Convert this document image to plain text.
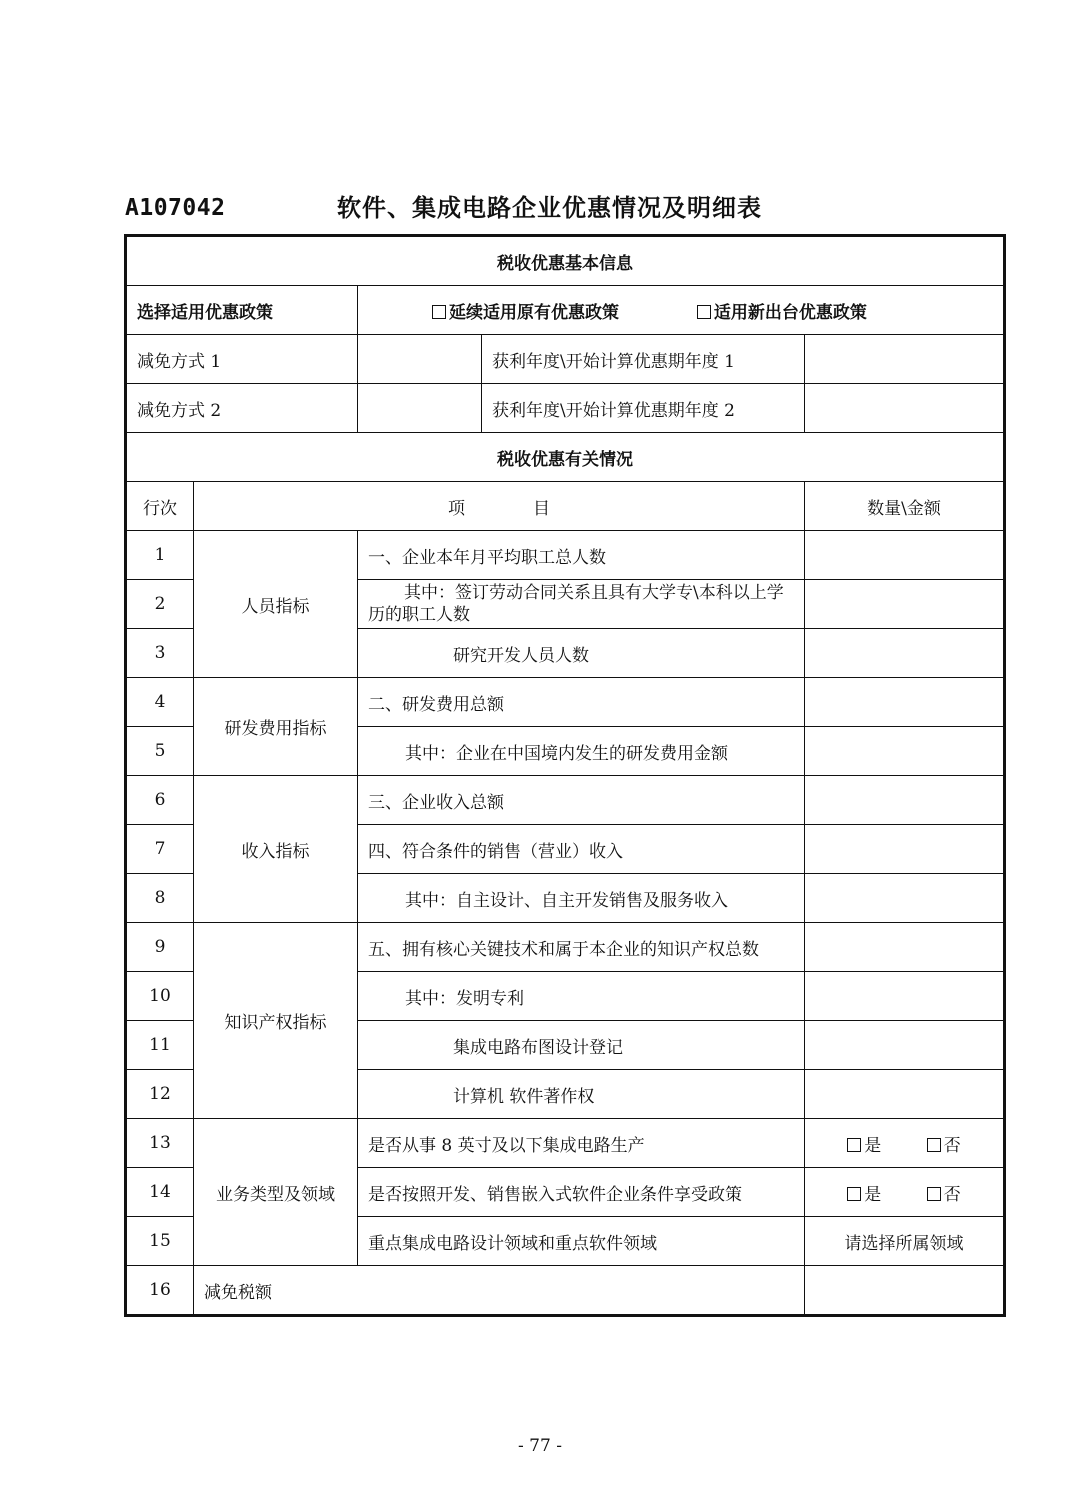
A107042	软件、集成电路企业优惠情况及明细表
税收优惠基本信息				
选择适用优惠政策		延续适用原有优惠政策 适用新出台优惠政策		
减免方式 1			获利年度\开始计算优惠期年度 1	
减免方式 2			获利年度\开始计算优惠期年度 2	
税收优惠有关情况				
行次	项　　　　目			数量\金额
1	人员指标	一、企业本年月平均职工总人数		
2		其中：签订劳动合同关系且具有大学专\本科以上学历的职工人数		
3		研究开发人员人数		
4	研发费用指标	二、研发费用总额		
5		其中：企业在中国境内发生的研发费用金额		
6	收入指标	三、企业收入总额		
7		四、符合条件的销售（营业）收入		
8		其中：自主设计、自主开发销售及服务收入		
9	知识产权指标	五、拥有核心关键技术和属于本企业的知识产权总数		
10		其中：发明专利		
11		集成电路布图设计登记		
12		计算机 软件著作权		
13	业务类型及领域	是否从事 8 英寸及以下集成电路生产		是 否
14		是否按照开发、销售嵌入式软件企业条件享受政策		是 否
15		重点集成电路设计领域和重点软件领域		请选择所属领域
16	减免税额			
- 77 -
